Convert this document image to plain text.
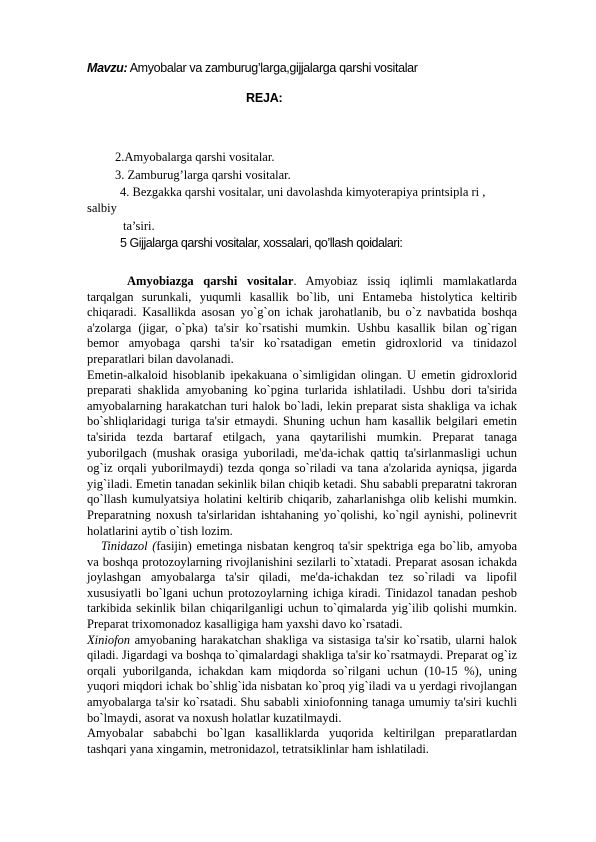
Mavzu: Amyobalar va zamburug’larga,gijjalarga qarshi vositalar
REJA:
2.Amyobalarga qarshi vositalar.
3. Zamburug’larga qarshi vositalar.
4. Bezgakka qarshi vositalar, uni davolashda kimyoterapiya printsipla ri ,
salbiy
ta’siri.
5 Gijjalarga qarshi vositalar, xossalari, qo’llash qoidalari:

Amyobiazga qarshi vositalar. Amyobiaz issiq iqlimli mamlakatlarda tarqalgan surunkali, yuqumli kasallik bo`lib, uni Entameba histolytica keltirib chiqaradi. Kasallikda asosan yo`g`on ichak jarohatlanib, bu o`z navbatida boshqa a'zolarga (jigar, o`pka) ta'sir ko`rsatishi mumkin. Ushbu kasallik bilan og`rigan bemor amyobaga qarshi ta'sir ko`rsatadigan emetin gidroxlorid va tinidazol preparatlari bilan davolanadi.

Emetin-alkaloid hisoblanib ipekakuana o`simligidan olingan. U emetin gidroxlorid preparati shaklida amyobaning ko`pgina turlarida ishlatiladi. Ushbu dori ta'sirida amyobalarning harakatchan turi halok bo`ladi, lekin preparat sista shakliga va ichak bo`shliqlaridagi turiga ta'sir etmaydi. Shuning uchun ham kasallik belgilari emetin ta'sirida tezda bartaraf etilgach, yana qaytarilishi mumkin. Preparat tanaga yuborilgach (mushak orasiga yuboriladi, me'da-ichak qattiq ta'sirlanmasligi uchun og`iz orqali yuborilmaydi) tezda qonga so`riladi va tana a'zolarida ayniqsa, jigarda yig`iladi. Emetin tanadan sekinlik bilan chiqib ketadi. Shu sababli preparatni takroran qo`llash kumulyatsiya holatini keltirib chiqarib, zaharlanishga olib kelishi mumkin. Preparatning noxush ta'sirlaridan ishtahaning yo`qolishi, ko`ngil aynishi, polinevrit holatlarini aytib o`tish lozim.

Tinidazol (fasijin) emetinga nisbatan kengroq ta'sir spektriga ega bo`lib, amyoba va boshqa protozoylarning rivojlanishini sezilarli to`xtatadi. Preparat asosan ichakda joylashgan amyobalarga ta'sir qiladi, me'da-ichakdan tez so`riladi va lipofil xususiyatli bo`lgani uchun protozoylarning ichiga kiradi. Tinidazol tanadan peshob tarkibida sekinlik bilan chiqarilganligi uchun to`qimalarda yig`ilib qolishi mumkin. Preparat trixomonadoz kasalligiga ham yaxshi davo ko`rsatadi.

Xiniofon amyobaning harakatchan shakliga va sistasiga ta'sir ko`rsatib, ularni halok qiladi. Jigardagi va boshqa to`qimalardagi shakliga ta'sir ko`rsatmaydi. Preparat og`iz orqali yuborilganda, ichakdan kam miqdorda so`rilgani uchun (10-15 %), uning yuqori miqdori ichak bo`shlig`ida nisbatan ko`proq yig`iladi va u yerdagi rivojlangan amyobalarga ta'sir ko`rsatadi. Shu sababli xiniofonning tanaga umumiy ta'siri kuchli bo`lmaydi, asorat va noxush holatlar kuzatilmaydi.

Amyobalar sababchi bo`lgan kasalliklarda yuqorida keltirilgan preparatlardan tashqari yana xingamin, metronidazol, tetratsiklinlar ham ishlatiladi.
